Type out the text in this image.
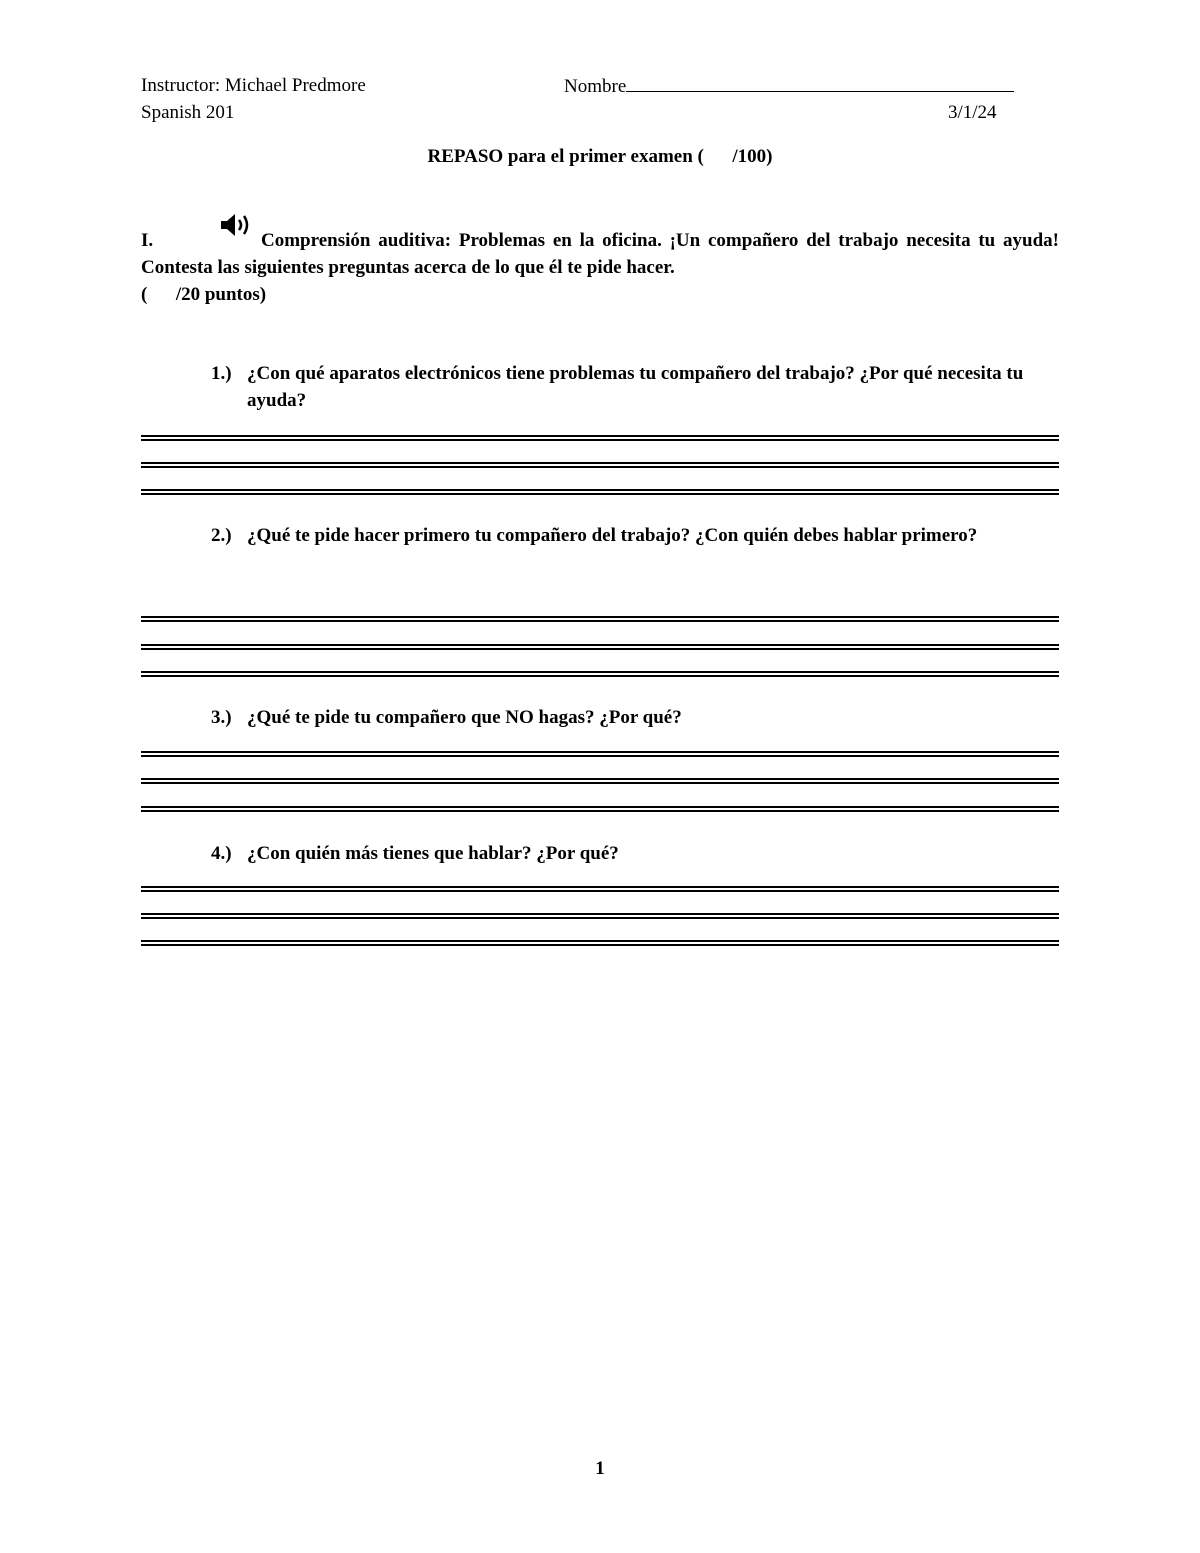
Instructor: Michael Predmore
Spanish 201
Nombre
3/1/24
REPASO para el primer examen (      /100)
I.	Comprensión auditiva: Problemas en la oficina. ¡Un compañero del trabajo necesita tu ayuda! Contesta las siguientes preguntas acerca de lo que él te pide hacer.
(      /20 puntos)
1.) ¿Con qué aparatos electrónicos tiene problemas tu compañero del trabajo? ¿Por qué necesita tu ayuda?
2.) ¿Qué te pide hacer primero tu compañero del trabajo? ¿Con quién debes hablar primero?
3.) ¿Qué te pide tu compañero que NO hagas? ¿Por qué?
4.) ¿Con quién más tienes que hablar? ¿Por qué?
1
